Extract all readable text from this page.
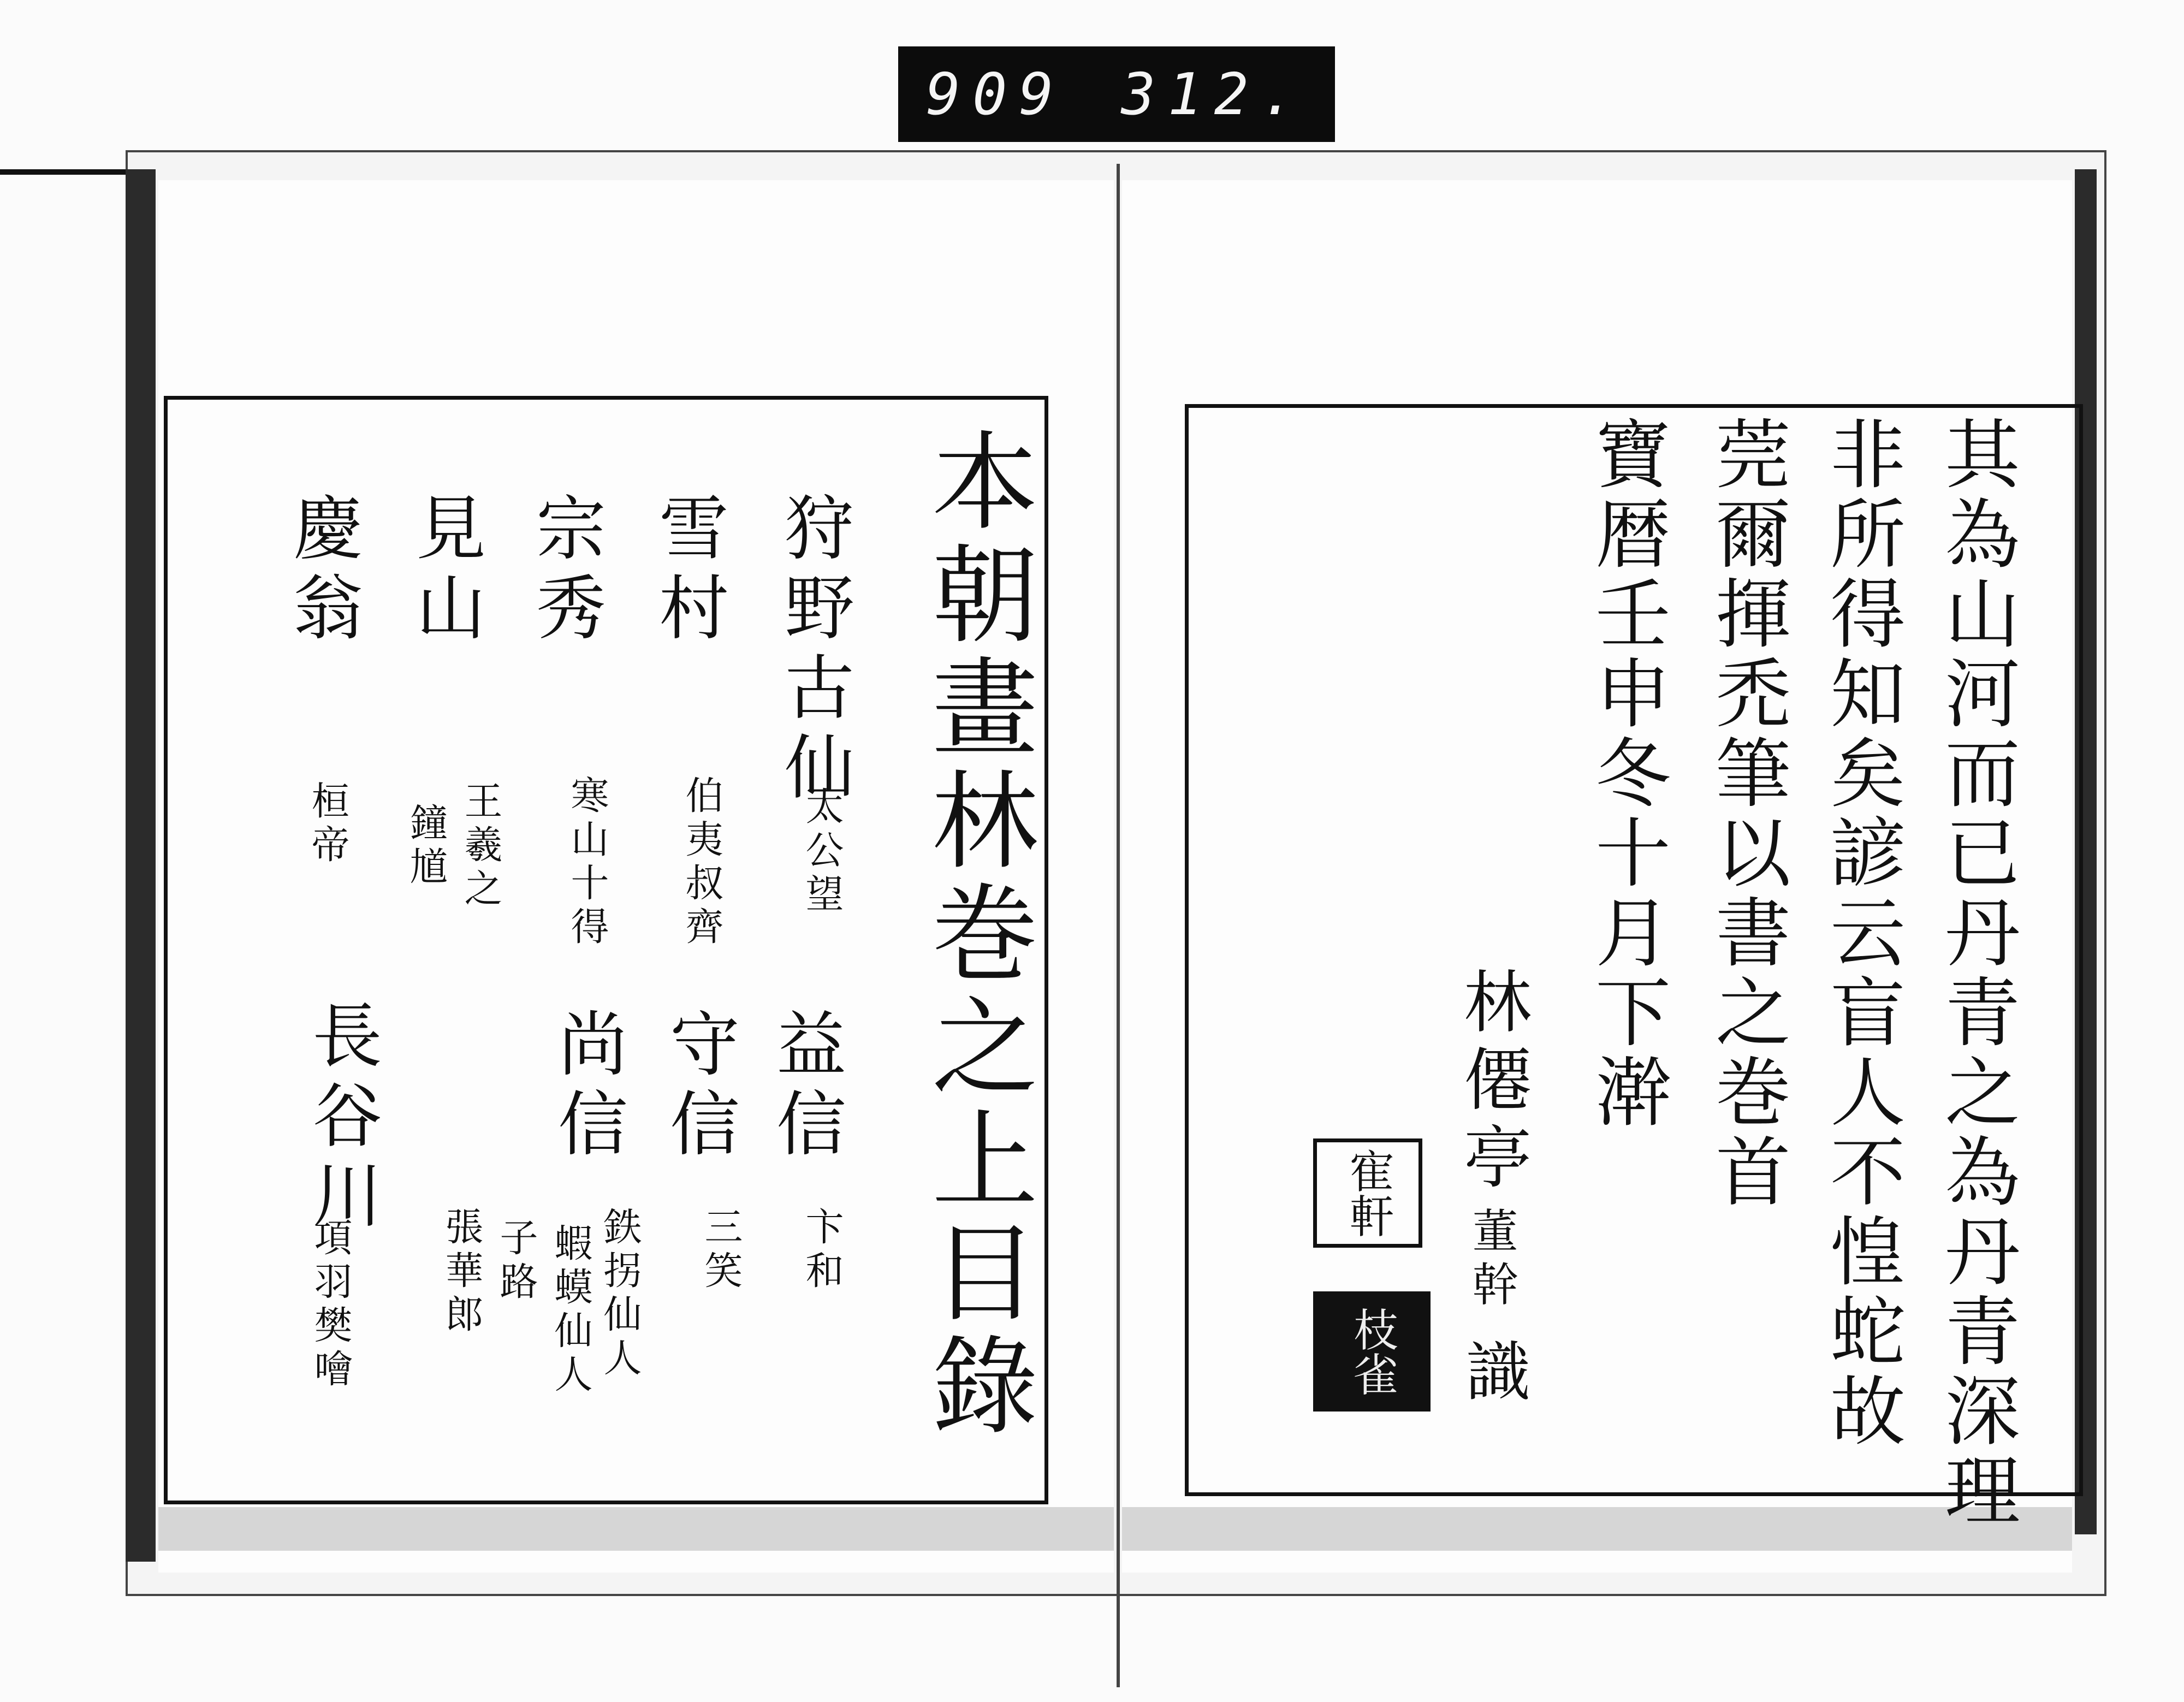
909 312.
本朝畫林巻之上目錄
狩野古仙
雪村
宗秀
見山
慶翁
太公望
伯夷叔齊
寒山十得
王羲之
鐘馗
桓帝
益信
守信
尚信
長谷川
卞和
三笑
鉄拐仙人
蝦蟆仙人
子路
張華郎
項羽樊噲	其為山河而已丹青之為丹青深理
非所得知矣諺云盲人不惶蛇故
莞爾揮禿筆以書之巻首
寶暦壬申冬十月下澣
林僊亭
董幹
識
寉軒
枝雀
